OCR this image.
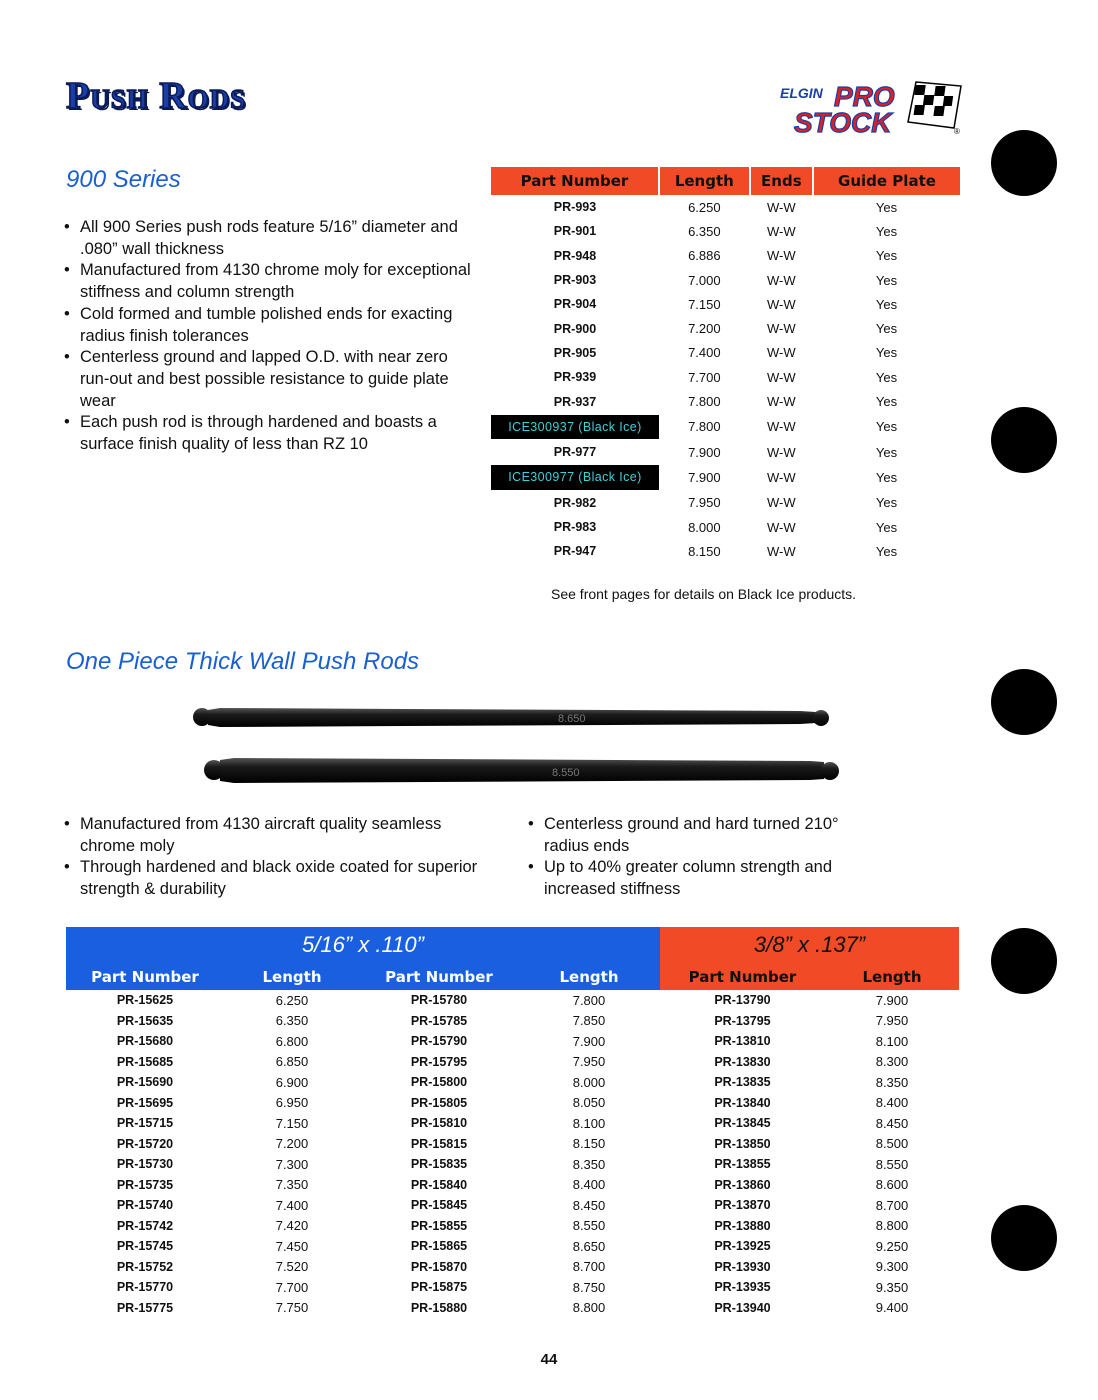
Push Rods	ELGIN PRO
STOCK	®
900 Series
• All 900 Series push rods feature 5/16” diameter and .080” wall thickness
• Manufactured from 4130 chrome moly for exceptional stiffness and column strength
• Cold formed and tumble polished ends for exacting radius finish tolerances
• Centerless ground and lapped O.D. with near zero run-out and best possible resistance to guide plate wear
• Each push rod is through hardened and boasts a surface finish quality of less than RZ 10
Part Number	Length	Ends	Guide Plate
PR-993	6.250	W-W	Yes
PR-901	6.350	W-W	Yes
PR-948	6.886	W-W	Yes
PR-903	7.000	W-W	Yes
PR-904	7.150	W-W	Yes
PR-900	7.200	W-W	Yes
PR-905	7.400	W-W	Yes
PR-939	7.700	W-W	Yes
PR-937	7.800	W-W	Yes
ICE300937 (Black Ice)	7.800	W-W	Yes
PR-977	7.900	W-W	Yes
ICE300977 (Black Ice)	7.900	W-W	Yes
PR-982	7.950	W-W	Yes
PR-983	8.000	W-W	Yes
PR-947	8.150	W-W	Yes
See front pages for details on Black Ice products.
One Piece Thick Wall Push Rods
8.650
8.550
• Manufactured from 4130 aircraft quality seamless chrome moly
• Through hardened and black oxide coated for superior strength & durability
• Centerless ground and hard turned 210° radius ends
• Up to 40% greater column strength and increased stiffness
5/16” x .110”				3/8” x .137”	
Part Number	Length	Part Number	Length	Part Number	Length
PR-15625	6.250	PR-15780	7.800	PR-13790	7.900
PR-15635	6.350	PR-15785	7.850	PR-13795	7.950
PR-15680	6.800	PR-15790	7.900	PR-13810	8.100
PR-15685	6.850	PR-15795	7.950	PR-13830	8.300
PR-15690	6.900	PR-15800	8.000	PR-13835	8.350
PR-15695	6.950	PR-15805	8.050	PR-13840	8.400
PR-15715	7.150	PR-15810	8.100	PR-13845	8.450
PR-15720	7.200	PR-15815	8.150	PR-13850	8.500
PR-15730	7.300	PR-15835	8.350	PR-13855	8.550
PR-15735	7.350	PR-15840	8.400	PR-13860	8.600
PR-15740	7.400	PR-15845	8.450	PR-13870	8.700
PR-15742	7.420	PR-15855	8.550	PR-13880	8.800
PR-15745	7.450	PR-15865	8.650	PR-13925	9.250
PR-15752	7.520	PR-15870	8.700	PR-13930	9.300
PR-15770	7.700	PR-15875	8.750	PR-13935	9.350
PR-15775	7.750	PR-15880	8.800	PR-13940	9.400
44
